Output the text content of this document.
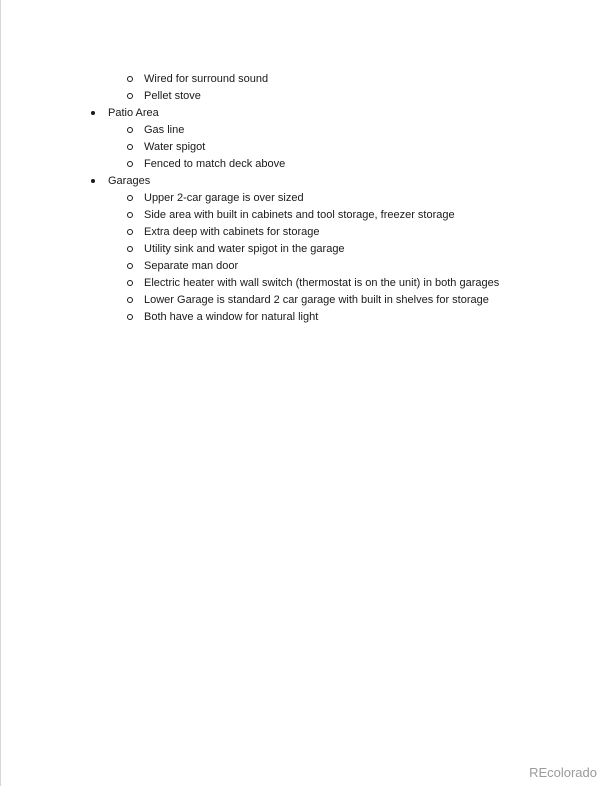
Wired for surround sound
Pellet stove
Patio Area
Gas line
Water spigot
Fenced to match deck above
Garages
Upper 2-car garage is over sized
Side area with built in cabinets and tool storage, freezer storage
Extra deep with cabinets for storage
Utility sink and water spigot in the garage
Separate man door
Electric heater with wall switch (thermostat is on the unit) in both garages
Lower Garage is standard 2 car garage with built in shelves for storage
Both have a window for natural light
REcolorado
